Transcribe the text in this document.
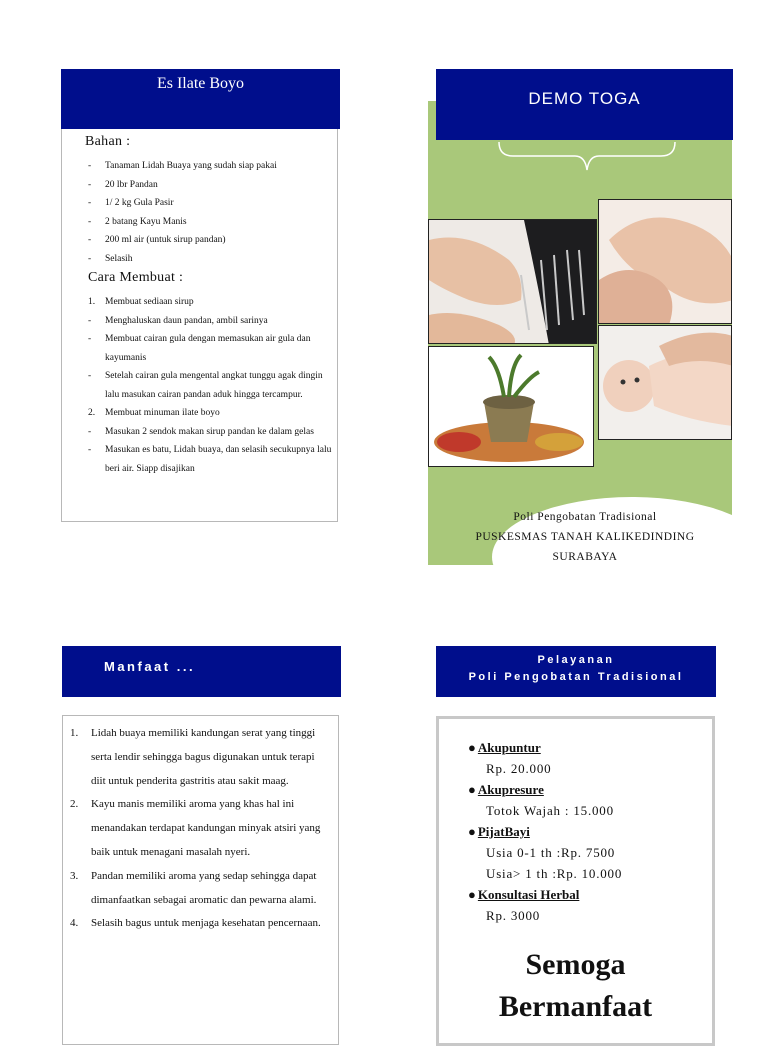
Es Ilate Boyo
Bahan :
- Tanaman Lidah Buaya yang sudah siap pakai
- 20 lbr Pandan
- 1/ 2 kg Gula Pasir
- 2 batang Kayu Manis
- 200 ml air (untuk sirup pandan)
- Selasih
Cara Membuat :
1. Membuat sediaan sirup
- Menghaluskan daun pandan, ambil sarinya
- Membuat cairan gula dengan memasukan air gula dan kayumanis
- Setelah cairan gula mengental angkat tunggu agak dingin lalu masukan cairan pandan aduk hingga tercampur.
2. Membuat minuman ilate boyo
- Masukan 2 sendok makan sirup pandan ke dalam gelas
- Masukan es batu, Lidah buaya, dan selasih secukupnya lalu beri air. Siapp disajikan
DEMO TOGA
Poli Pengobatan Tradisional
PUSKESMAS TANAH KALIKEDINDING
SURABAYA
Manfaat ...
1. Lidah buaya memiliki kandungan serat yang tinggi serta lendir sehingga bagus digunakan untuk terapi diit untuk penderita gastritis atau sakit maag.
2. Kayu manis memiliki aroma yang khas hal ini menandakan terdapat kandungan minyak atsiri yang baik untuk menagani masalah nyeri.
3. Pandan memiliki aroma yang sedap sehingga dapat dimanfaatkan sebagai aromatic dan pewarna alami.
4. Selasih bagus untuk menjaga kesehatan pencernaan.
Pelayanan
Poli Pengobatan Tradisional
● Akupuntur
Rp. 20.000
● Akupresure
Totok Wajah : 15.000
● PijatBayi
Usia 0-1 th :Rp. 7500
Usia> 1 th :Rp. 10.000
● Konsultasi Herbal
Rp. 3000
Semoga
Bermanfaat
